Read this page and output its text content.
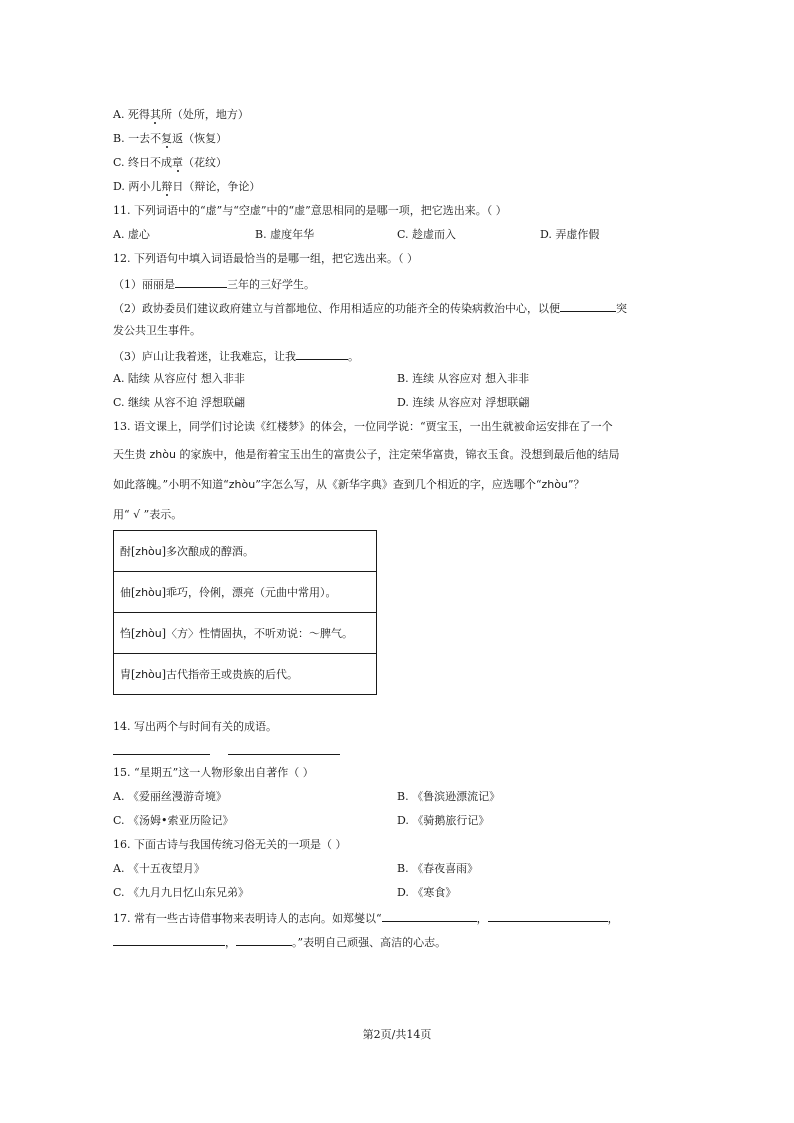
A. 死得其所（处所，地方）
B. 一去不复返（恢复）
C. 终日不成章（花纹）
D. 两小儿辩日（辩论，争论）
11. 下列词语中的“虚”与“空虚”中的“虚”意思相同的是哪一项，把它选出来。（ ）
A. 虚心	B. 虚度年华	C. 趁虚而入	D. 弄虚作假
12. 下列语句中填入词语最恰当的是哪一组，把它选出来。（ ）
（1）丽丽是	三年的三好学生。
（2）政协委员们建议政府建立与首都地位、作用相适应的功能齐全的传染病救治中心，以便	突
发公共卫生事件。
（3）庐山让我着迷，让我难忘，让我	。
A. 陆续 从容应付 想入非非	B. 连续 从容应对 想入非非
C. 继续 从容不迫 浮想联翩	D. 连续 从容应对 浮想联翩
13. 语文课上，同学们讨论读《红楼梦》的体会，一位同学说：“贾宝玉，一出生就被命运安排在了一个
天生贵 zhòu 的家族中，他是衔着宝玉出生的富贵公子，注定荣华富贵，锦衣玉食。没想到最后他的结局
如此落魄。”小明不知道“zhòu”字怎么写，从《新华字典》查到几个相近的字，应选哪个“zhòu”？
用“ √ ”表示。
酎[zhòu]多次酿成的醇酒。
伷[zhòu]乖巧，伶俐，漂亮（元曲中常用）。
㤘[zhòu]〈方〉性情固执，不听劝说：～脾气。
胄[zhòu]古代指帝王或贵族的后代。
14. 写出两个与时间有关的成语。
15. “星期五”这一人物形象出自著作（ ）
A. 《爱丽丝漫游奇境》	B. 《鲁滨逊漂流记》
C. 《汤姆•索亚历险记》	D. 《骑鹅旅行记》
16. 下面古诗与我国传统习俗无关的一项是（ ）
A. 《十五夜望月》	B. 《春夜喜雨》
C. 《九月九日忆山东兄弟》	D. 《寒食》
17. 常有一些古诗借事物来表明诗人的志向。如郑燮以“	，	，
，	。”表明自己顽强、高洁的心志。
第2页/共14页
